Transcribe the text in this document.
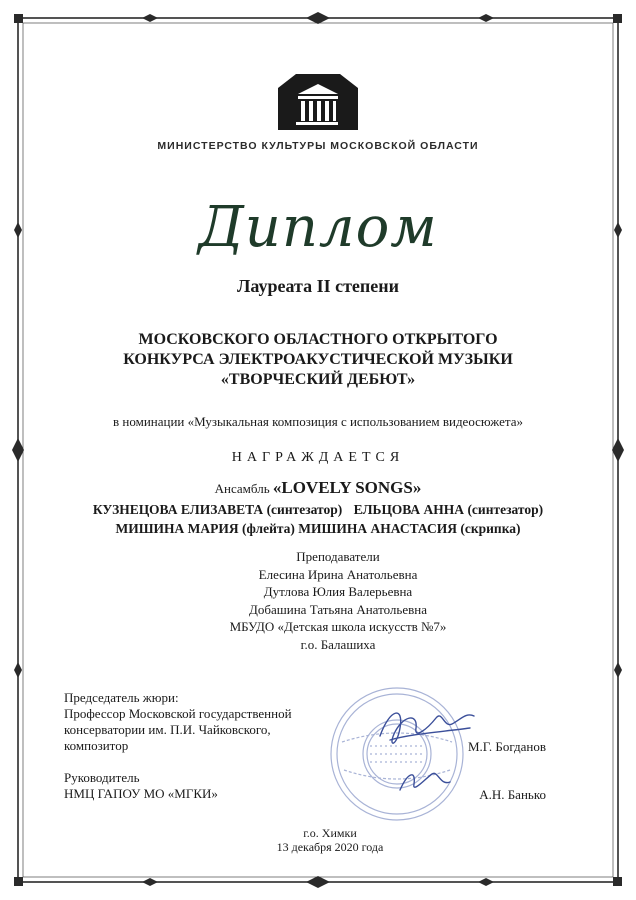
МИНИСТЕРСТВО КУЛЬТУРЫ МОСКОВСКОЙ ОБЛАСТИ
Диплом
Лауреата II степени
МОСКОВСКОГО ОБЛАСТНОГО ОТКРЫТОГО
КОНКУРСА ЭЛЕКТРОАКУСТИЧЕСКОЙ МУЗЫКИ
«ТВОРЧЕСКИЙ ДЕБЮТ»
в номинации «Музыкальная композиция с использованием видеосюжета»
НАГРАЖДАЕТСЯ
Ансамбль «LOVELY SONGS»
КУЗНЕЦОВА ЕЛИЗАВЕТА (синтезатор) ЕЛЬЦОВА АННА (синтезатор)
МИШИНА МАРИЯ (флейта) МИШИНА АНАСТАСИЯ (скрипка)
Преподаватели
Елесина Ирина Анатольевна
Дутлова Юлия Валерьевна
Добашина Татьяна Анатольевна
МБУДО «Детская школа искусств №7»
г.о. Балашиха
Председатель жюри:
Профессор Московской государственной
консерватории им. П.И. Чайковского,
композитор	М.Г. Богданов
Руководитель
НМЦ ГАПОУ МО «МГКИ»	А.Н. Банько
г.о. Химки
13 декабря 2020 года
